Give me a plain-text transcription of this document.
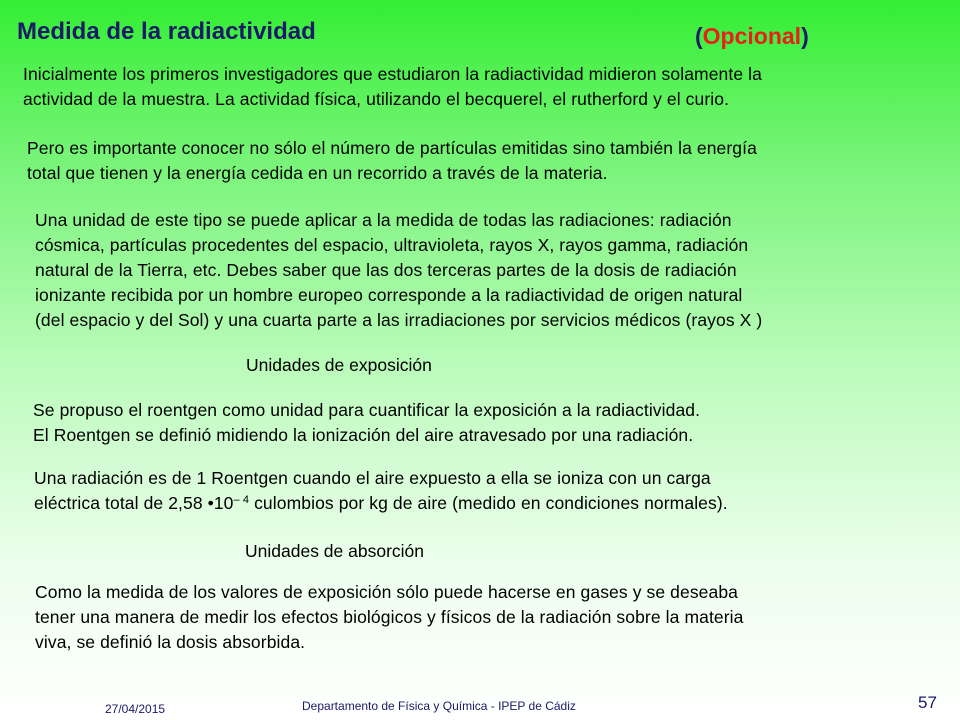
Medida de la radiactividad	(Opcional)
Inicialmente los primeros investigadores que estudiaron la radiactividad midieron solamente la
actividad de la muestra. La actividad física, utilizando el becquerel, el rutherford y el curio.
Pero es importante conocer no sólo el número de partículas emitidas sino también la energía
total que tienen y la energía cedida en un recorrido a través de la materia.
Una unidad de este tipo se puede aplicar a la medida de todas las radiaciones: radiación
cósmica, partículas procedentes del espacio, ultravioleta, rayos X, rayos gamma, radiación
natural de la Tierra, etc. Debes saber que las dos terceras partes de la dosis de radiación
ionizante recibida por un hombre europeo corresponde a la radiactividad de origen natural
(del espacio y del Sol) y una cuarta parte a las irradiaciones por servicios médicos (rayos X )
Unidades de exposición
Se propuso el roentgen como unidad para cuantificar la exposición a la radiactividad.
El Roentgen se definió midiendo la ionización del aire atravesado por una radiación.
Una radiación es de 1 Roentgen cuando el aire expuesto a ella se ioniza con un carga
eléctrica total de 2,58 $•10^{- 4}$ culombios por kg de aire (medido en condiciones normales).
Unidades de absorción
Como la medida de los valores de exposición sólo puede hacerse en gases y se deseaba
tener una manera de medir los efectos biológicos y físicos de la radiación sobre la materia
viva, se definió la dosis absorbida.
27/04/2015	Departamento de Física y Química - IPEP de Cádiz	57
